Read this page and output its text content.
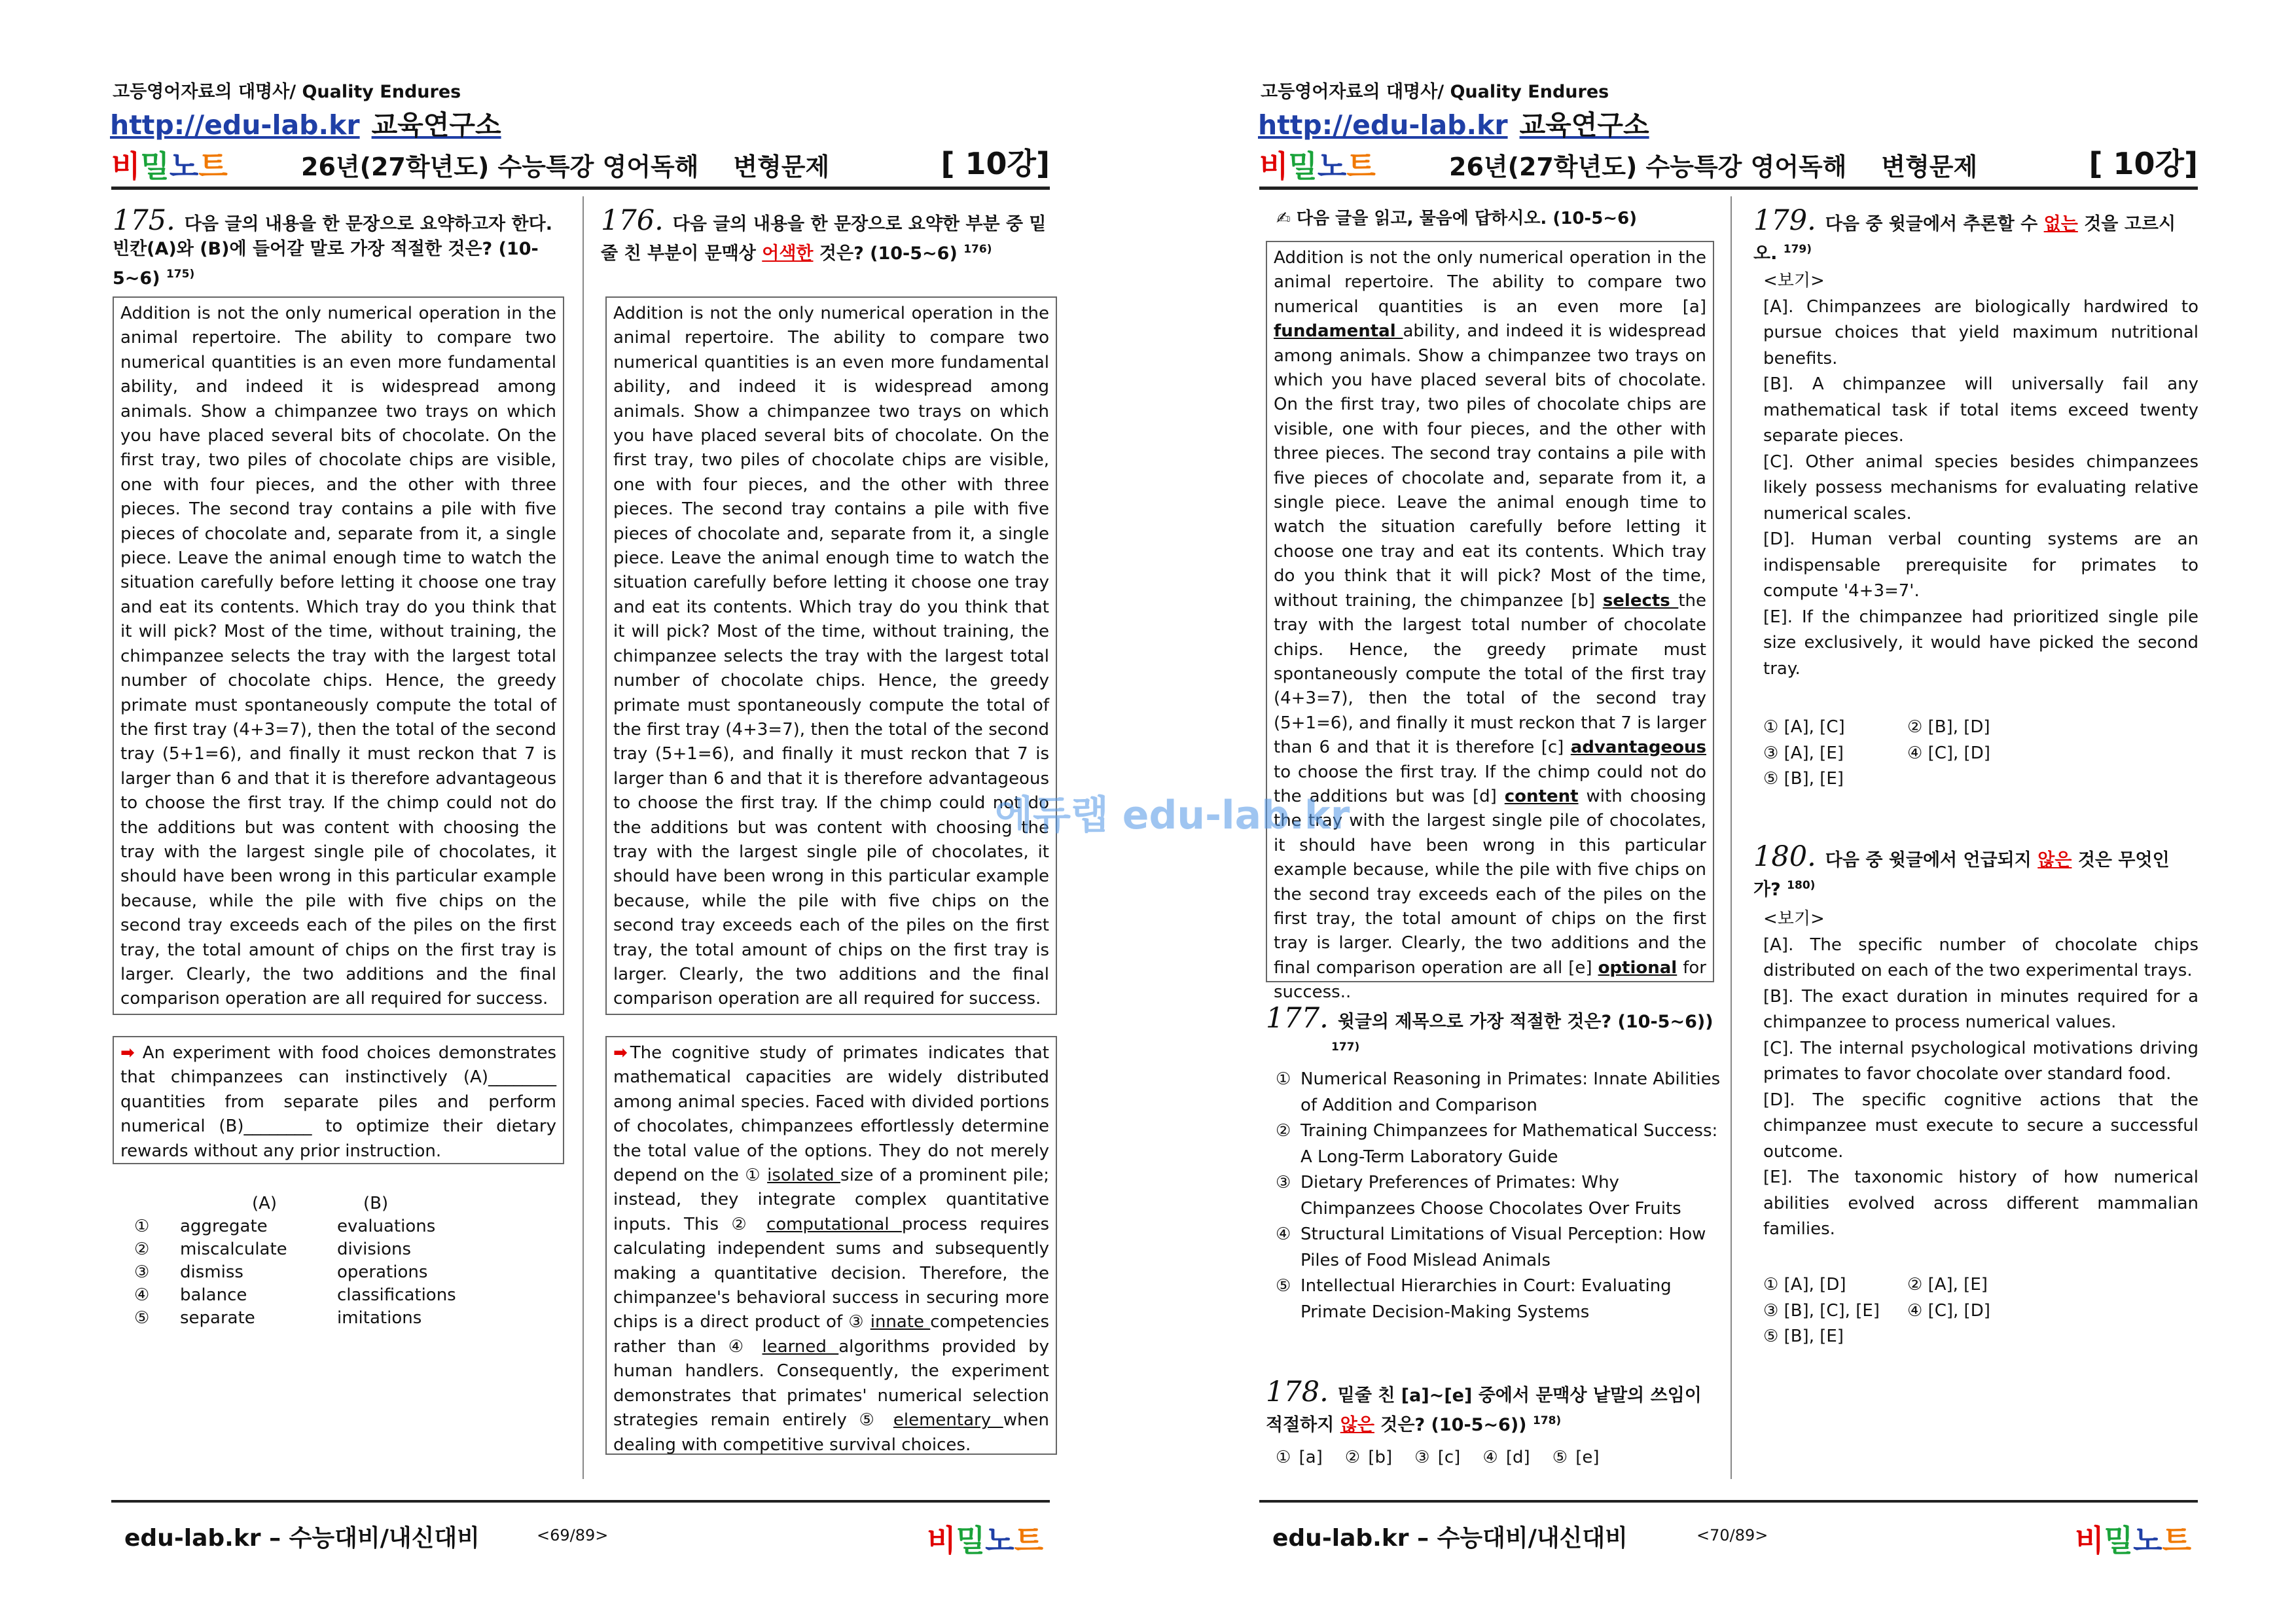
고등영어자료의 대명사/ Quality Endures
http://edu-lab.kr 교육연구소
비밀노트	26년(27학년도) 수능특강 영어독해    변형문제	[ 10강]
175. 다음 글의 내용을 한 문장으로 요약하고자 한다. 빈칸(A)와 (B)에 들어갈 말로 가장 적절한 것은? (10-5~6) $^{175)}$
Addition is not the only numerical operation in the animal repertoire. The ability to compare two numerical quantities is an even more fundamental ability, and indeed it is widespread among animals. Show a chimpanzee two trays on which you have placed several bits of chocolate. On the first tray, two piles of chocolate chips are visible, one with four pieces, and the other with three pieces. The second tray contains a pile with five pieces of chocolate and, separate from it, a single piece. Leave the animal enough time to watch the situation carefully before letting it choose one tray and eat its contents. Which tray do you think that it will pick? Most of the time, without training, the chimpanzee selects the tray with the largest total number of chocolate chips. Hence, the greedy primate must spontaneously compute the total of the first tray (4+3=7), then the total of the second tray (5+1=6), and finally it must reckon that 7 is larger than 6 and that it is therefore advantageous to choose the first tray. If the chimp could not do the additions but was content with choosing the tray with the largest single pile of chocolates, it should have been wrong in this particular example because, while the pile with five chips on the second tray exceeds each of the piles on the first tray, the total amount of chips on the first tray is larger. Clearly, the two additions and the final comparison operation are all required for success.
➡ An experiment with food choices demonstrates that chimpanzees can instinctively (A)________ quantities from separate piles and perform numerical (B)________ to optimize their dietary rewards without any prior instruction.
(A)	(B)
① aggregate	evaluations
② miscalculate	divisions
③ dismiss	operations
④ balance	classifications
⑤ separate	imitations
176. 다음 글의 내용을 한 문장으로 요약한 부분 중 밑줄 친 부분이 문맥상 어색한 것은? (10-5~6) $^{176)}$
Addition is not the only numerical operation in the animal repertoire. The ability to compare two numerical quantities is an even more fundamental ability, and indeed it is widespread among animals. Show a chimpanzee two trays on which you have placed several bits of chocolate. On the first tray, two piles of chocolate chips are visible, one with four pieces, and the other with three pieces. The second tray contains a pile with five pieces of chocolate and, separate from it, a single piece. Leave the animal enough time to watch the situation carefully before letting it choose one tray and eat its contents. Which tray do you think that it will pick? Most of the time, without training, the chimpanzee selects the tray with the largest total number of chocolate chips. Hence, the greedy primate must spontaneously compute the total of the first tray (4+3=7), then the total of the second tray (5+1=6), and finally it must reckon that 7 is larger than 6 and that it is therefore advantageous to choose the first tray. If the chimp could not do the additions but was content with choosing the tray with the largest single pile of chocolates, it should have been wrong in this particular example because, while the pile with five chips on the second tray exceeds each of the piles on the first tray, the total amount of chips on the first tray is larger. Clearly, the two additions and the final comparison operation are all required for success.
➡ The cognitive study of primates indicates that mathematical capacities are widely distributed among animal species. Faced with divided portions of chocolates, chimpanzees effortlessly determine the total value of the options. They do not merely depend on the ① isolated size of a prominent pile; instead, they integrate complex quantitative inputs. This ② computational process requires calculating independent sums and subsequently making a quantitative decision. Therefore, the chimpanzee's behavioral success in securing more chips is a direct product of ③ innate competencies rather than ④ learned algorithms provided by human handlers. Consequently, the experiment demonstrates that primates' numerical selection strategies remain entirely ⑤ elementary when dealing with competitive survival choices.
edu-lab.kr – 수능대비/내신대비	<69/89>	비밀노트
고등영어자료의 대명사/ Quality Endures
http://edu-lab.kr 교육연구소
비밀노트	26년(27학년도) 수능특강 영어독해    변형문제	[ 10강]
✍ 다음 글을 읽고, 물음에 답하시오. (10-5~6)
Addition is not the only numerical operation in the animal repertoire. The ability to compare two numerical quantities is an even more [a] fundamental ability, and indeed it is widespread among animals. Show a chimpanzee two trays on which you have placed several bits of chocolate. On the first tray, two piles of chocolate chips are visible, one with four pieces, and the other with three pieces. The second tray contains a pile with five pieces of chocolate and, separate from it, a single piece. Leave the animal enough time to watch the situation carefully before letting it choose one tray and eat its contents. Which tray do you think that it will pick? Most of the time, without training, the chimpanzee [b] selects the tray with the largest total number of chocolate chips. Hence, the greedy primate must spontaneously compute the total of the first tray (4+3=7), then the total of the second tray (5+1=6), and finally it must reckon that 7 is larger than 6 and that it is therefore [c] advantageous to choose the first tray. If the chimp could not do the additions but was [d] content with choosing the tray with the largest single pile of chocolates, it should have been wrong in this particular example because, while the pile with five chips on the second tray exceeds each of the piles on the first tray, the total amount of chips on the first tray is larger. Clearly, the two additions and the final comparison operation are all [e] optional for success..
177. 윗글의 제목으로 가장 적절한 것은? (10-5~6))
$^{177)}$
① Numerical Reasoning in Primates: Innate Abilities
of Addition and Comparison
② Training Chimpanzees for Mathematical Success:
A Long-Term Laboratory Guide
③ Dietary Preferences of Primates: Why
Chimpanzees Choose Chocolates Over Fruits
④ Structural Limitations of Visual Perception: How
Piles of Food Mislead Animals
⑤ Intellectual Hierarchies in Court: Evaluating
Primate Decision-Making Systems
178. 밑줄 친 [a]~[e] 중에서 문맥상 낱말의 쓰임이 적절하지 않은 것은? (10-5~6)) $^{178)}$
① [a] ② [b] ③ [c] ④ [d] ⑤ [e]
179. 다음 중 윗글에서 추론할 수 없는 것을 고르시오. $^{179)}$
<보기>
[A]. Chimpanzees are biologically hardwired to pursue choices that yield maximum nutritional benefits.
[B]. A chimpanzee will universally fail any mathematical task if total items exceed twenty separate pieces.
[C]. Other animal species besides chimpanzees likely possess mechanisms for evaluating relative numerical scales.
[D]. Human verbal counting systems are an indispensable prerequisite for primates to compute '4+3=7'.
[E]. If the chimpanzee had prioritized single pile size exclusively, it would have picked the second tray.
① [A], [C]	② [B], [D]
③ [A], [E]	④ [C], [D]
⑤ [B], [E]
180. 다음 중 윗글에서 언급되지 않은 것은 무엇인가? $^{180)}$
<보기>
[A]. The specific number of chocolate chips distributed on each of the two experimental trays.
[B]. The exact duration in minutes required for a chimpanzee to process numerical values.
[C]. The internal psychological motivations driving primates to favor chocolate over standard food.
[D]. The specific cognitive actions that the chimpanzee must execute to secure a successful outcome.
[E]. The taxonomic history of how numerical abilities evolved across different mammalian families.
① [A], [D]	② [A], [E]
③ [B], [C], [E] ④ [C], [D]
⑤ [B], [E]
edu-lab.kr – 수능대비/내신대비	<70/89>	비밀노트
에듀랩 edu-lab.kr
